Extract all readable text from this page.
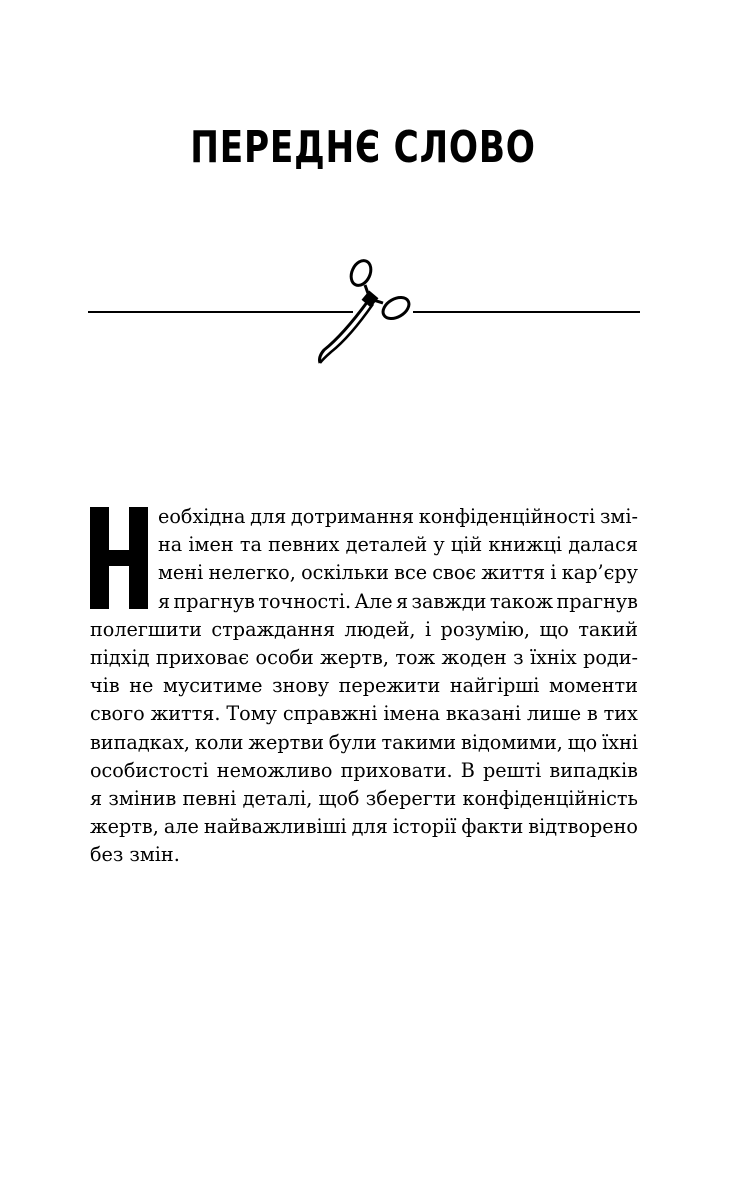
ПЕРЕДНЄ СЛОВО
Н
еобхідна для дотримання конфіденційності змі-
на імен та певних деталей у цій книжці далася
мені нелегко, оскільки все своє життя і кар’єру
я прагнув точності. Але я завжди також прагнув
полегшити страждання людей, і розумію, що такий
підхід приховає особи жертв, тож жоден з їхніх роди-
чів не муситиме знову пережити найгірші моменти
свого життя. Тому справжні імена вказані лише в тих
випадках, коли жертви були такими відомими, що їхні
особистості неможливо приховати. В решті випадків
я змінив певні деталі, щоб зберегти конфіденційність
жертв, але найважливіші для історії факти відтворено
без змін.
